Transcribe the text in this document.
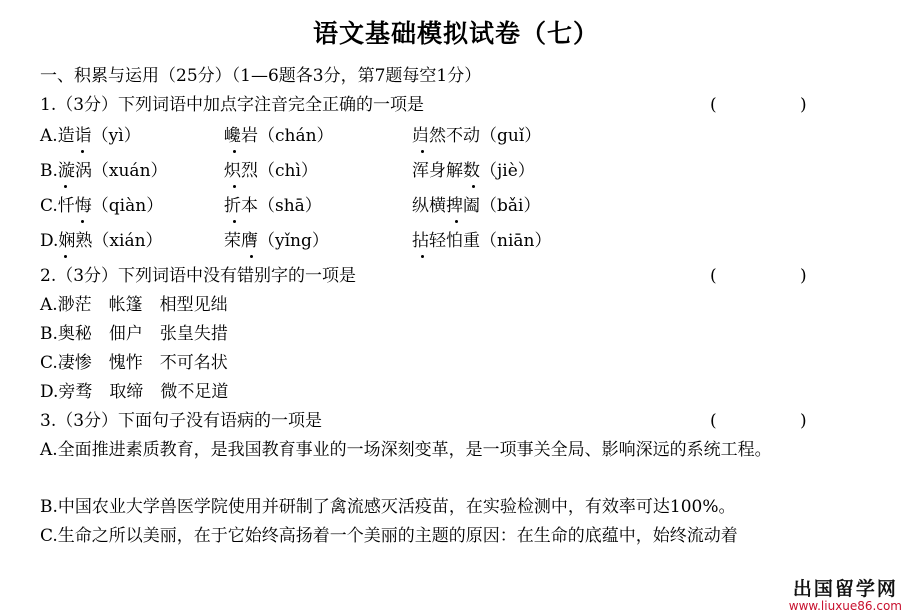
语文基础模拟试卷（七）
一、积累与运用（25分）（1—6题各3分，第7题每空1分）
1.（3分）下列词语中加点字注音完全正确的一项是	(	)
A.造诣（yì）	巉岩（chán）	岿然不动（guǐ）
B.漩涡（xuán）	炽烈（chì）	浑身解数（jiè）
C.忏悔（qiàn）	折本（shā）	纵横捭阖（bǎi）
D.娴熟（xián）	荣膺（yǐng）	拈轻怕重（niān）
2.（3分）下列词语中没有错别字的一项是	(	)
A.渺茫　帐篷　相型见绌
B.奥秘　佃户　张皇失措
C.凄惨　愧怍　不可名状
D.旁骛　取缔　微不足道
3.（3分）下面句子没有语病的一项是	(	)
A.全面推进素质教育，是我国教育事业的一场深刻变革，是一项事关全局、影响深远的系统工程。
B.中国农业大学兽医学院使用并研制了禽流感灭活疫苗，在实验检测中，有效率可达100%。
C.生命之所以美丽，在于它始终高扬着一个美丽的主题的原因：在生命的底蕴中，始终流动着
出国留学网
www.liuxue86.com
